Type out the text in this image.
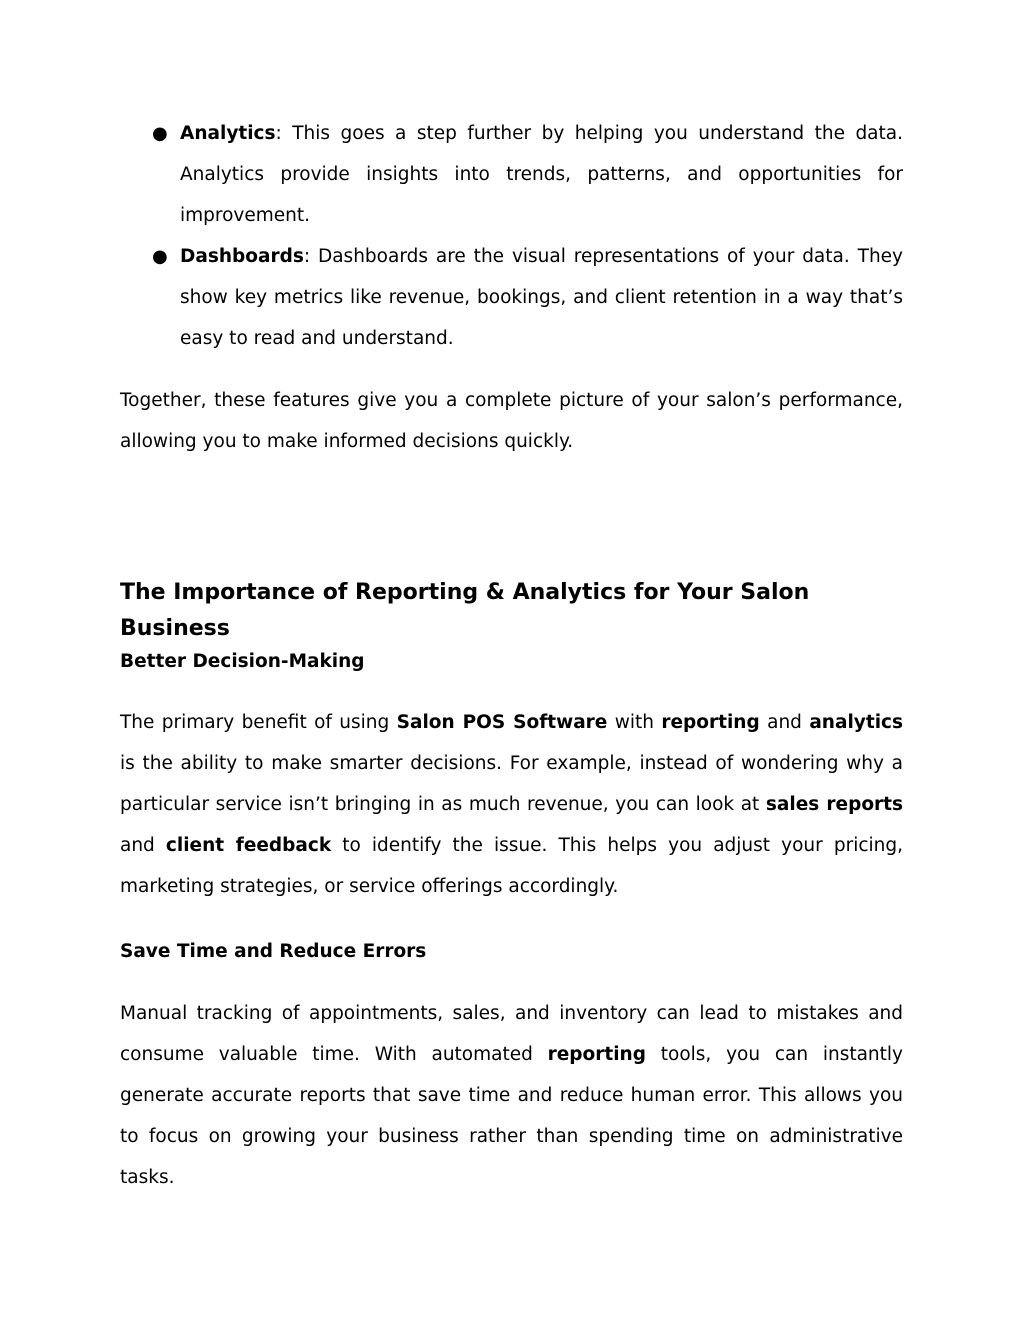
● Analytics: This goes a step further by helping you understand the data. Analytics provide insights into trends, patterns, and opportunities for improvement.
● Dashboards: Dashboards are the visual representations of your data. They show key metrics like revenue, bookings, and client retention in a way that’s easy to read and understand.

Together, these features give you a complete picture of your salon’s performance, allowing you to make informed decisions quickly.

The Importance of Reporting & Analytics for Your Salon Business
Better Decision-Making

The primary benefit of using Salon POS Software with reporting and analytics is the ability to make smarter decisions. For example, instead of wondering why a particular service isn’t bringing in as much revenue, you can look at sales reports and client feedback to identify the issue. This helps you adjust your pricing, marketing strategies, or service offerings accordingly.

Save Time and Reduce Errors

Manual tracking of appointments, sales, and inventory can lead to mistakes and consume valuable time. With automated reporting tools, you can instantly generate accurate reports that save time and reduce human error. This allows you to focus on growing your business rather than spending time on administrative tasks.
